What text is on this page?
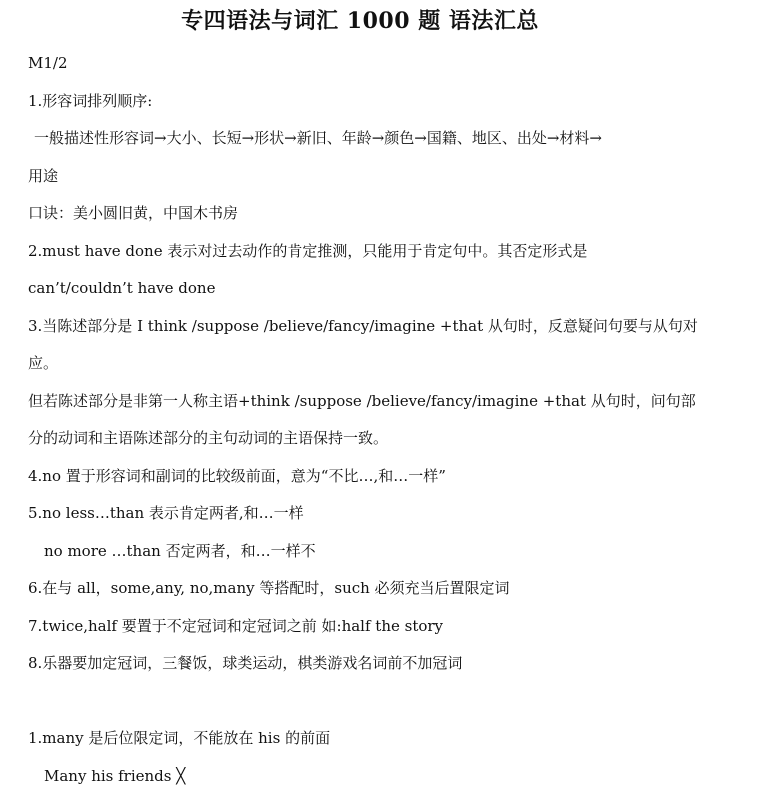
专四语法与词汇 1000 题 语法汇总
M1/2
1.形容词排列顺序:
一般描述性形容词→大小、长短→形状→新旧、年龄→颜色→国籍、地区、出处→材料→
用途
口诀：美小圆旧黄，中国木书房
2.must have done 表示对过去动作的肯定推测，只能用于肯定句中。其否定形式是
can’t/couldn’t have done
3.当陈述部分是 I think /suppose /believe/fancy/imagine +that 从句时，反意疑问句要与从句对
应。
但若陈述部分是非第一人称主语+think /suppose /believe/fancy/imagine +that 从句时，问句部
分的动词和主语陈述部分的主句动词的主语保持一致。
4.no 置于形容词和副词的比较级前面，意为“不比…,和…一样”
5.no less…than 表示肯定两者,和…一样
no more …than 否定两者，和…一样不
6.在与 all，some,any, no,many 等搭配时，such 必须充当后置限定词
7.twice,half 要置于不定冠词和定冠词之前 如:half the story
8.乐器要加定冠词，三餐饭，球类运动，棋类游戏名词前不加冠词
1.many 是后位限定词，不能放在 his 的前面
Many his friends ╳
